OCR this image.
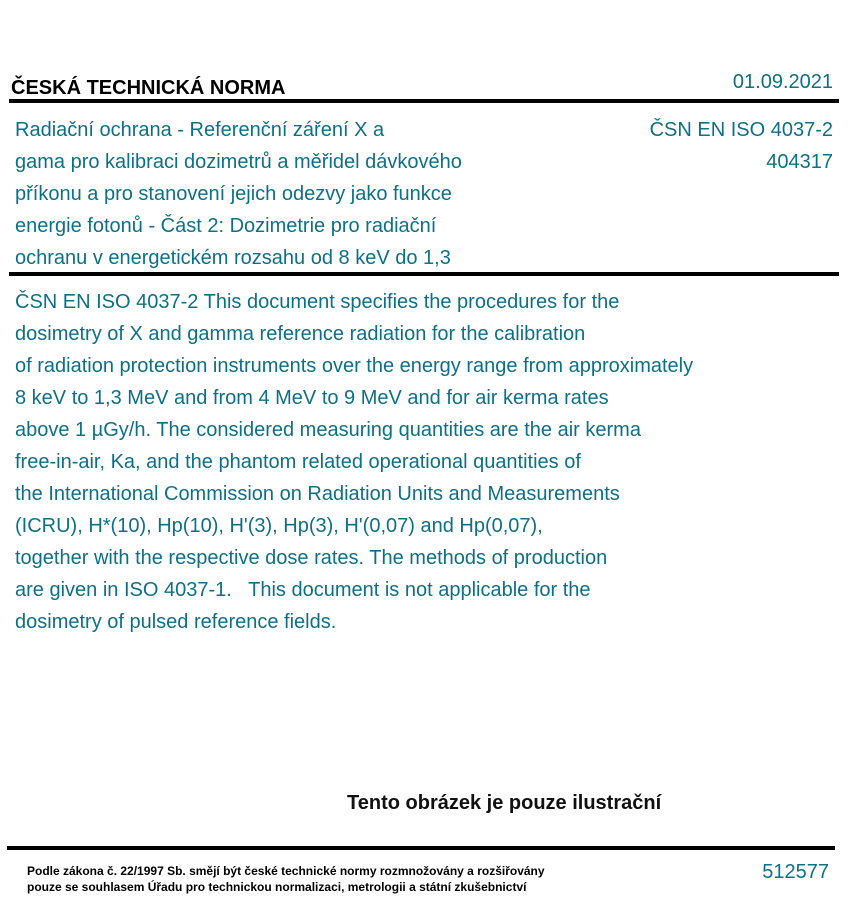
ČESKÁ TECHNICKÁ NORMA	01.09.2021
Radiační ochrana - Referenční záření X a
gama pro kalibraci dozimetrů a měřidel dávkového
příkonu a pro stanovení jejich odezvy jako funkce
energie fotonů - Část 2: Dozimetrie pro radiační
ochranu v energetickém rozsahu od 8 keV do 1,3
ČSN EN ISO 4037-2
404317
ČSN EN ISO 4037-2 This document specifies the procedures for the
dosimetry of X and gamma reference radiation for the calibration
of radiation protection instruments over the energy range from approximately
8 keV to 1,3 MeV and from 4 MeV to 9 MeV and for air kerma rates
above 1 µGy/h. The considered measuring quantities are the air kerma
free-in-air, Ka, and the phantom related operational quantities of
the International Commission on Radiation Units and Measurements
(ICRU), H*(10), Hp(10), H'(3), Hp(3), H'(0,07) and Hp(0,07),
together with the respective dose rates. The methods of production
are given in ISO 4037-1.   This document is not applicable for the
dosimetry of pulsed reference fields.
Tento obrázek je pouze ilustrační
Podle zákona č. 22/1997 Sb. smějí být české technické normy rozmnožovány a rozšiřovány
pouze se souhlasem Úřadu pro technickou normalizaci, metrologii a státní zkušebnictví
512577
